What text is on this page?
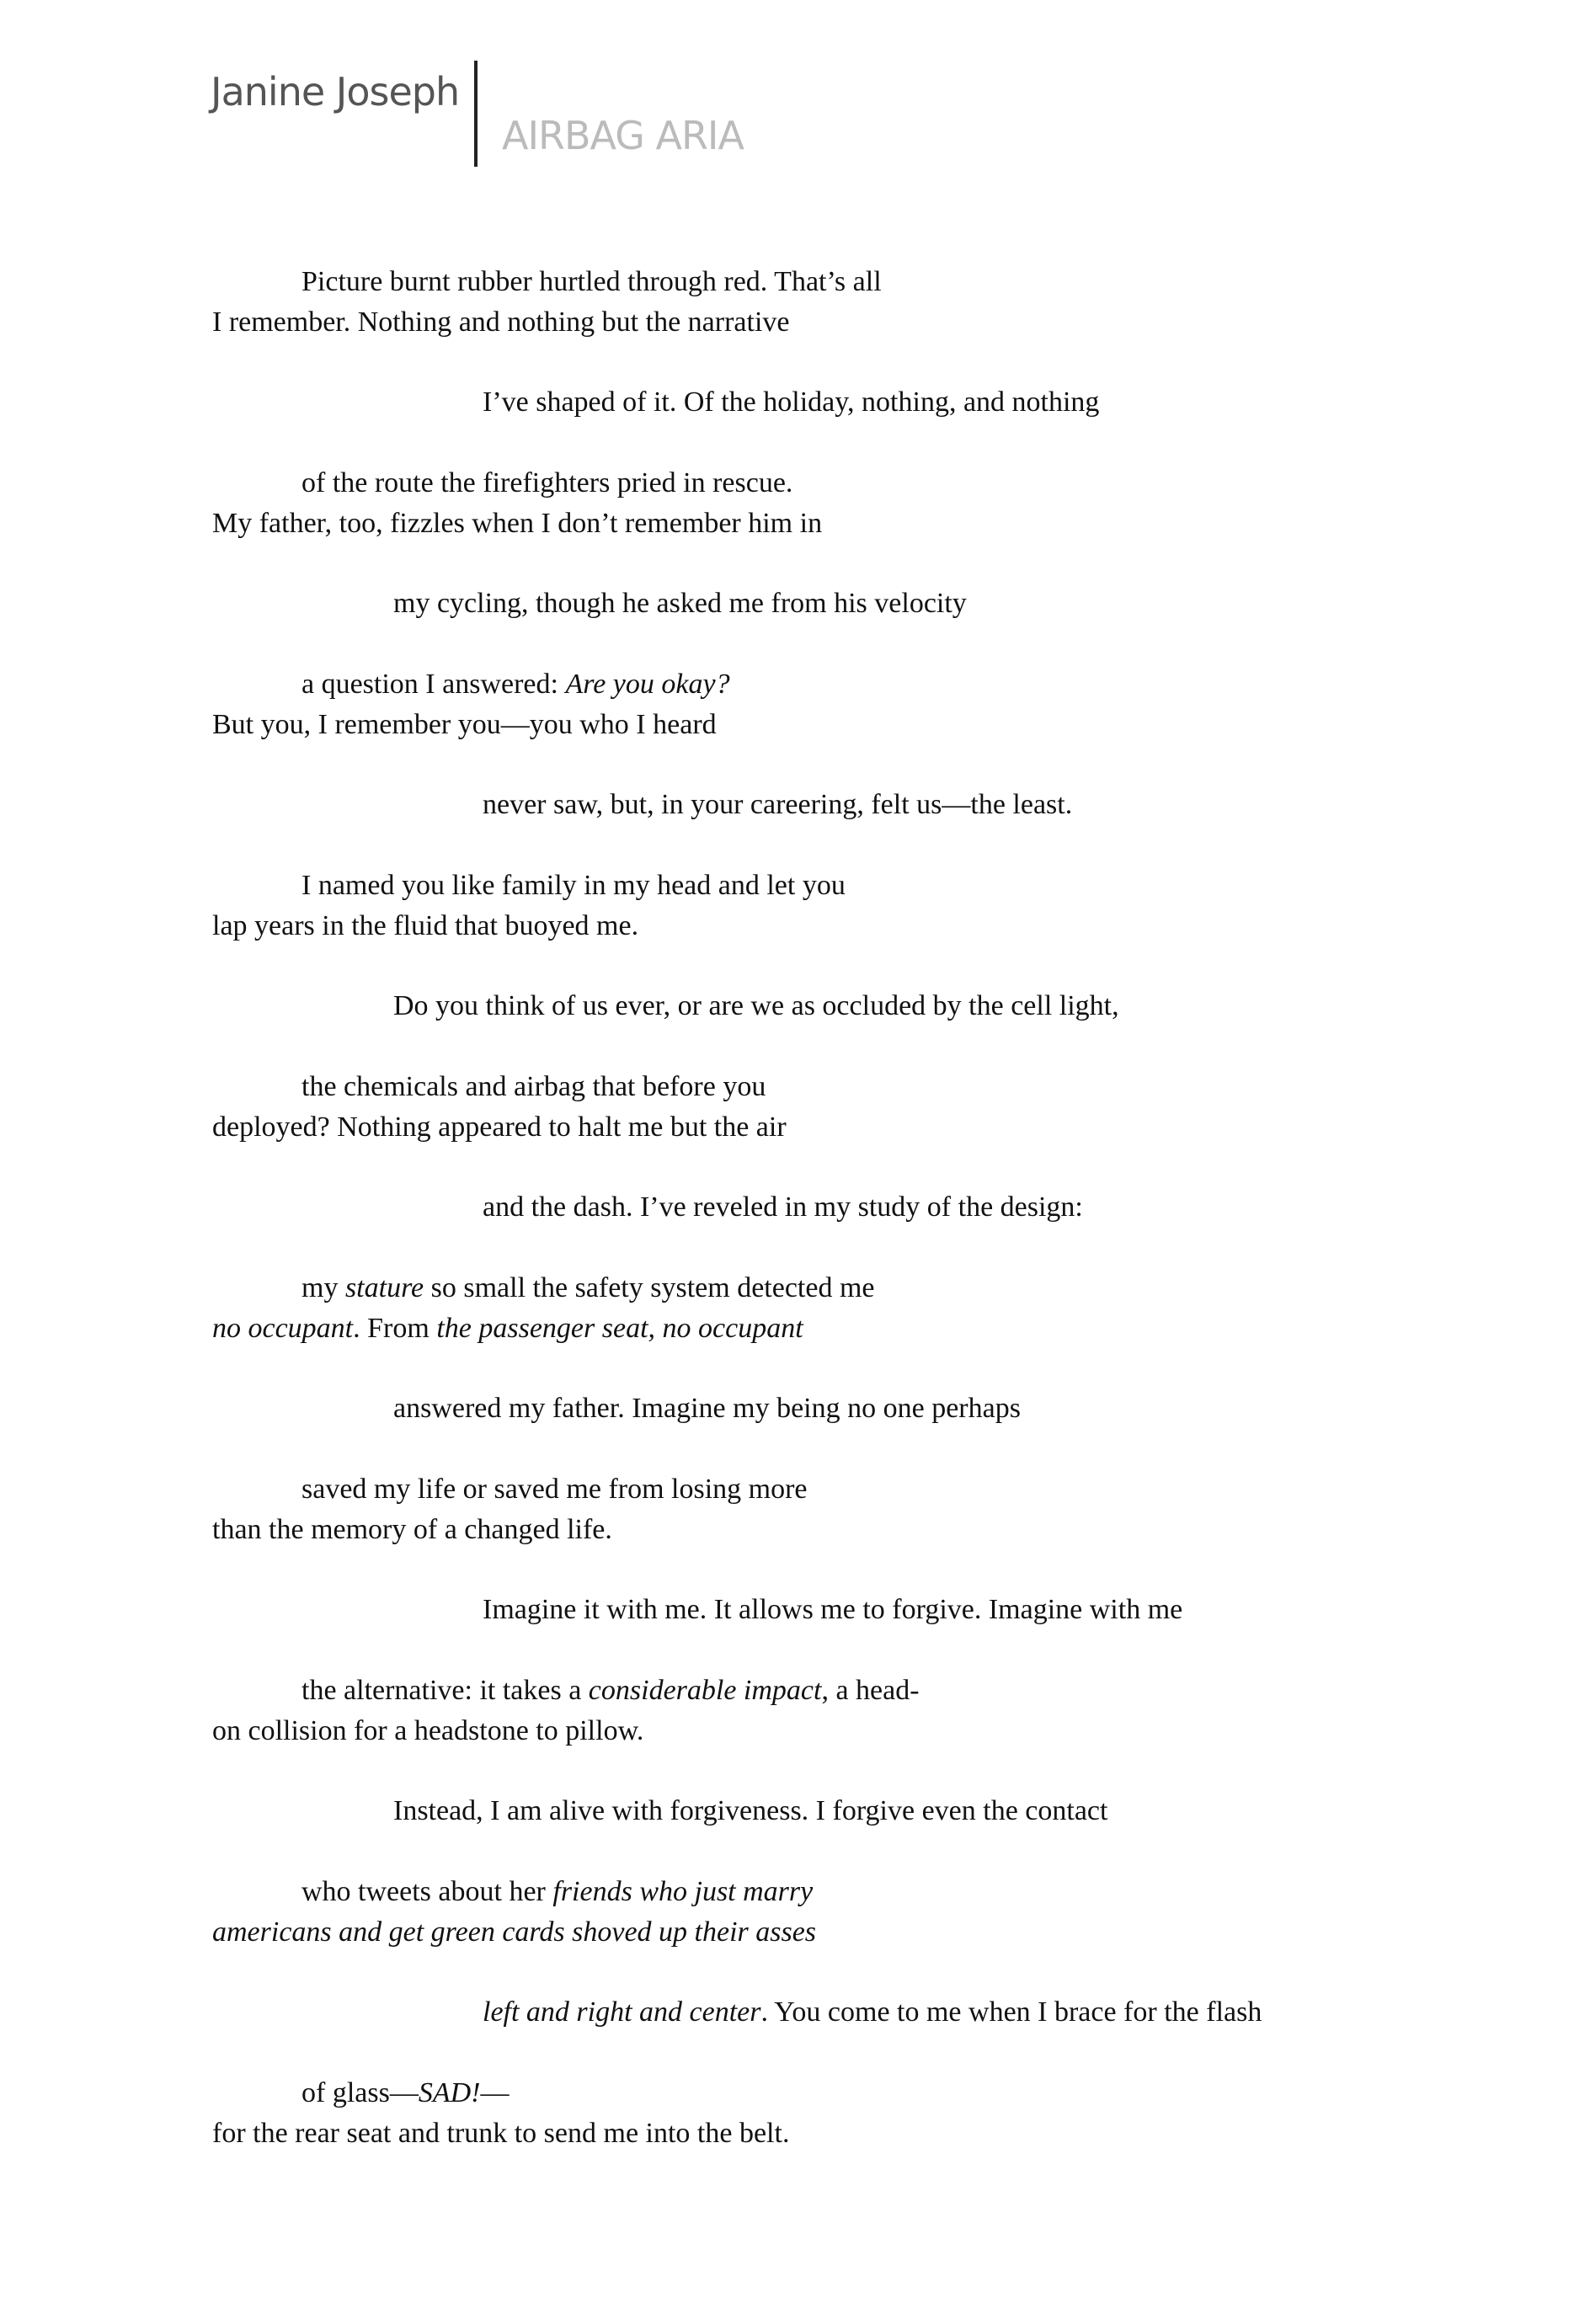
Janine Joseph
AIRBAG ARIA
Picture burnt rubber hurtled through red. That’s all
I remember. Nothing and nothing but the narrative
I’ve shaped of it. Of the holiday, nothing, and nothing
of the route the firefighters pried in rescue.
My father, too, fizzles when I don’t remember him in
my cycling, though he asked me from his velocity
a question I answered: Are you okay?
But you, I remember you—you who I heard
never saw, but, in your careering, felt us—the least.
I named you like family in my head and let you
lap years in the fluid that buoyed me.
Do you think of us ever, or are we as occluded by the cell light,
the chemicals and airbag that before you
deployed? Nothing appeared to halt me but the air
and the dash. I’ve reveled in my study of the design:
my stature so small the safety system detected me
no occupant. From the passenger seat, no occupant
answered my father. Imagine my being no one perhaps
saved my life or saved me from losing more
than the memory of a changed life.
Imagine it with me. It allows me to forgive. Imagine with me
the alternative: it takes a considerable impact, a head-
on collision for a headstone to pillow.
Instead, I am alive with forgiveness. I forgive even the contact
who tweets about her friends who just marry
americans and get green cards shoved up their asses
left and right and center. You come to me when I brace for the flash
of glass—SAD!—
for the rear seat and trunk to send me into the belt.
